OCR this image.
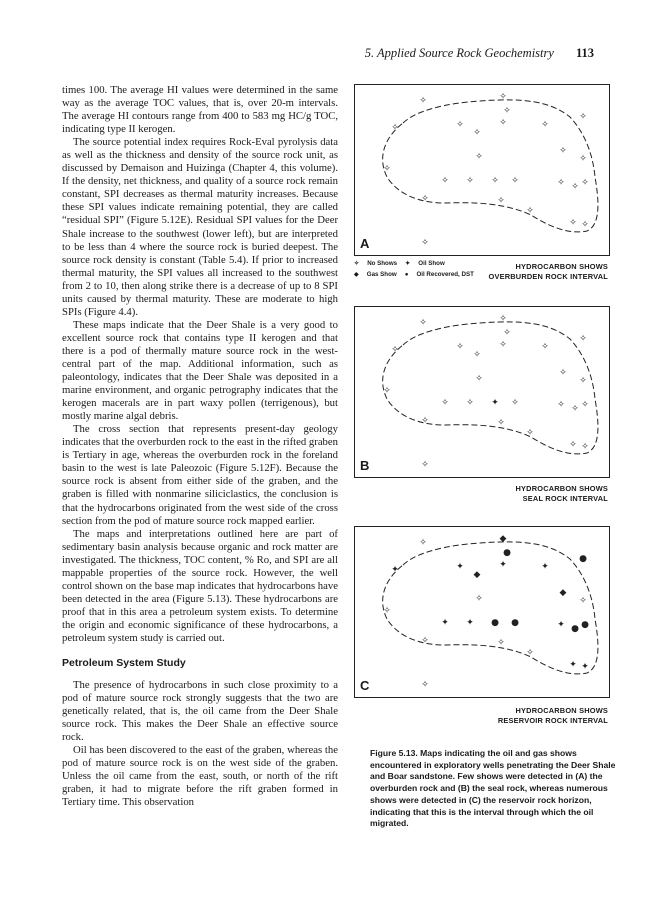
5. Applied Source Rock Geochemistry 113

times 100. The average HI values were determined in the same way as the average TOC values, that is, over 20-m intervals. The average HI contours range from 400 to 583 mg HC/g TOC, indicating type II kerogen.

The source potential index requires Rock-Eval pyrolysis data as well as the thickness and density of the source rock unit, as discussed by Demaison and Huizinga (Chapter 4, this volume). If the density, net thickness, and quality of a source rock remain constant, SPI decreases as thermal maturity increases. Because these SPI values indicate remaining potential, they are called “residual SPI” (Figure 5.12E). Residual SPI values for the Deer Shale increase to the southwest (lower left), but are interpreted to be less than 4 where the source rock is buried deepest. The source rock density is constant (Table 5.4). If prior to increased thermal maturity, the SPI values all increased to the southwest from 2 to 10, then along strike there is a decrease of up to 8 SPI units caused by thermal maturity. These are moderate to high SPIs (Figure 4.4).

These maps indicate that the Deer Shale is a very good to excellent source rock that contains type II kerogen and that there is a pod of thermally mature source rock in the west-central part of the map. Additional information, such as paleontology, indicates that the Deer Shale was deposited in a marine environment, and organic petrography indicates that the kerogen macerals are in part waxy pollen (terrigenous), but mostly marine algal debris.

The cross section that represents present-day geology indicates that the overburden rock to the east in the rifted graben is Tertiary in age, whereas the overburden rock in the foreland basin to the west is late Paleozoic (Figure 5.12F). Because the source rock is absent from either side of the graben, and the graben is filled with nonmarine siliciclastics, the conclusion is that the hydrocarbons originated from the west side of the cross section from the pod of mature source rock mapped earlier.

The maps and interpretations outlined here are part of sedimentary basin analysis because organic and rock matter are investigated. The thickness, TOC content, % Ro, and SPI are all mappable properties of the source rock. However, the well control shown on the base map indicates that hydrocarbons have been detected in the area (Figure 5.13). These hydrocarbons are proof that in this area a petroleum system exists. To determine the origin and economic significance of these hydrocarbons, a petroleum system study is carried out.

Petroleum System Study

The presence of hydrocarbons in such close proximity to a pod of mature source rock strongly suggests that the two are genetically related, that is, the oil came from the Deer Shale source rock. This makes the Deer Shale an effective source rock.

Oil has been discovered to the east of the graben, whereas the pod of mature source rock is on the west side of the graben. Unless the oil came from the east, south, or north of the rift graben, it had to migrate before the rift graben formed in Tertiary time. This observation

✧	✧
✧
✧	✧	✧	✧
✧
✧
✧
✧	✧
✧
✧ ✧ ✧ ✧	✧ ✧ ✧
✧	✧
✧
✧ ✧
✧
A
✧ No Shows ✦ Oil Show
◆ Gas Show ● Oil Recovered, DST
HYDROCARBON SHOWS
OVERBURDEN ROCK INTERVAL
✧	✧
✧
✧	✧	✧	✧
✧
✧
✧
✧	✧
✧
✧ ✧ ✦ ✧	✧ ✧ ✧
✧	✧
✧
✧ ✧
✧
B
HYDROCARBON SHOWS
SEAL ROCK INTERVAL
✧	◆
●
✦	✦	✦	✦
●
◆
◆
✧	✧
✧
✦ ✦ ● ●	✦ ● ●
✧	✧
✧
✦ ✦
✧
C
HYDROCARBON SHOWS
RESERVOIR ROCK INTERVAL
Figure 5.13. Maps indicating the oil and gas shows encountered in exploratory wells penetrating the Deer Shale and Boar sandstone. Few shows were detected in (A) the overburden rock and (B) the seal rock, whereas numerous shows were detected in (C) the reservoir rock horizon, indicating that this is the interval through which the oil migrated.
